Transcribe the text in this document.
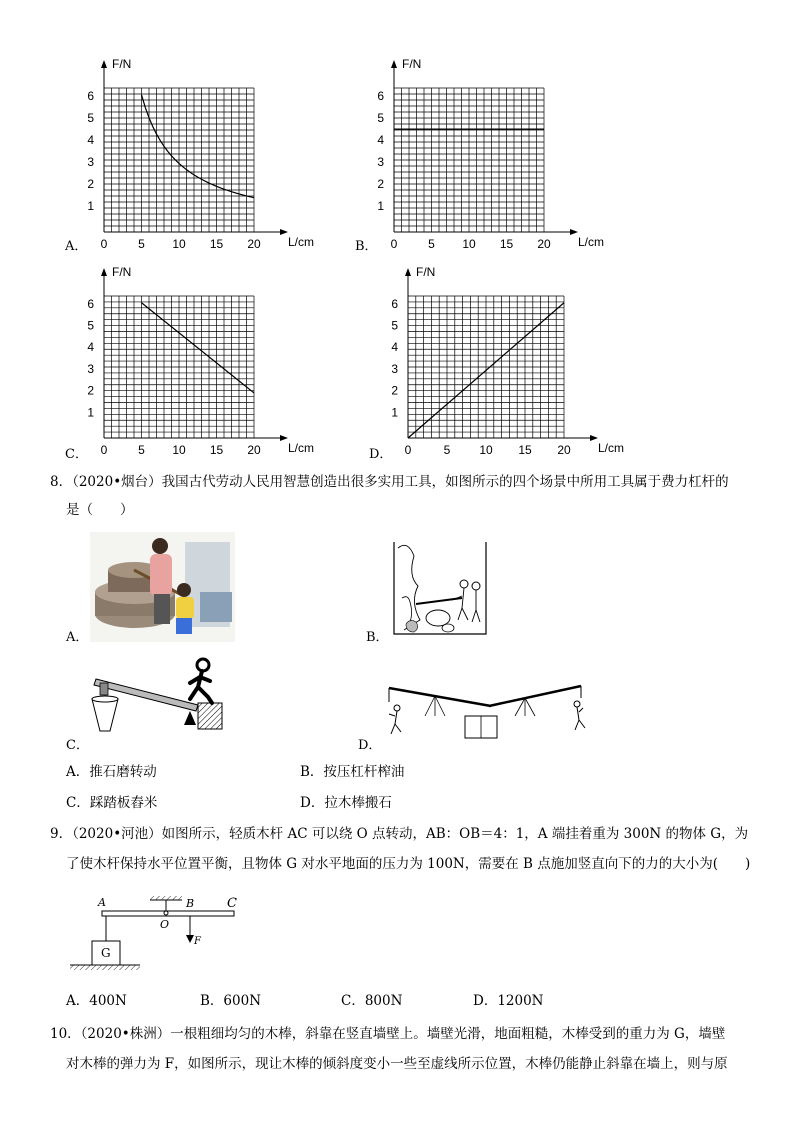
1
2
3
4
5
6
0	5 10 15 20
F/N
L/cm
A．
1
2
3
4
5
6
0	5 10 15 20
F/N
L/cm
B．
1
2
3
4
5
6
0	5 10 15 20
F/N
L/cm
C．
1
2
3
4
5
6
0	5 10 15 20
F/N
L/cm
D．
8．（2020•烟台）我国古代劳动人民用智慧创造出很多实用工具，如图所示的四个场景中所用工具属于费力杠杆的
是（　　）
A．	B．
C．	D．
A．推石磨转动	B．按压杠杆榨油
C．踩踏板舂米	D．拉木棒搬石
9．（2020•河池）如图所示，轻质木杆 AC 可以绕 O 点转动，AB：OB＝4：1，A 端挂着重为 300N 的物体 G，为
了使木杆保持水平位置平衡，且物体 G 对水平地面的压力为 100N，需要在 B 点施加竖直向下的力的大小为(　　)
A	B	C
O
G
F
A．400N	B．600N	C．800N	D．1200N
10．（2020•株洲）一根粗细均匀的木棒，斜靠在竖直墙壁上。墙壁光滑，地面粗糙，木棒受到的重力为 G，墙壁
对木棒的弹力为 F，如图所示，现让木棒的倾斜度变小一些至虚线所示位置，木棒仍能静止斜靠在墙上，则与原
